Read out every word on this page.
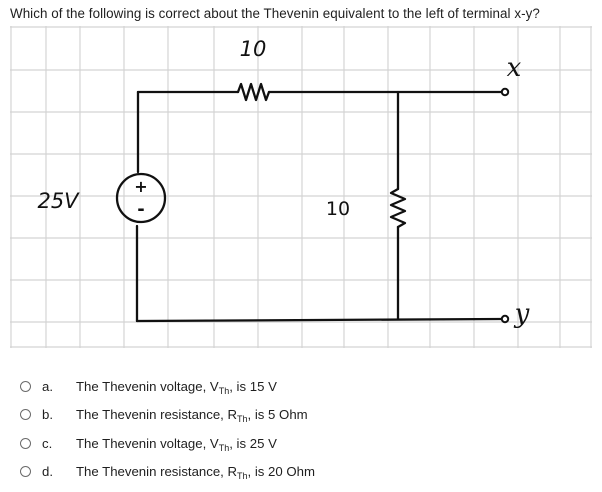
Which of the following is correct about the Thevenin equivalent to the left of terminal x-y?
+
-
10
10
25V
x
y
a.	The Thevenin voltage, $V_{Th}$, is 15 V
b.	The Thevenin resistance, $R_{Th}$, is 5 Ohm
c.	The Thevenin voltage, $V_{Th}$, is 25 V
d.	The Thevenin resistance, $R_{Th}$, is 20 Ohm
